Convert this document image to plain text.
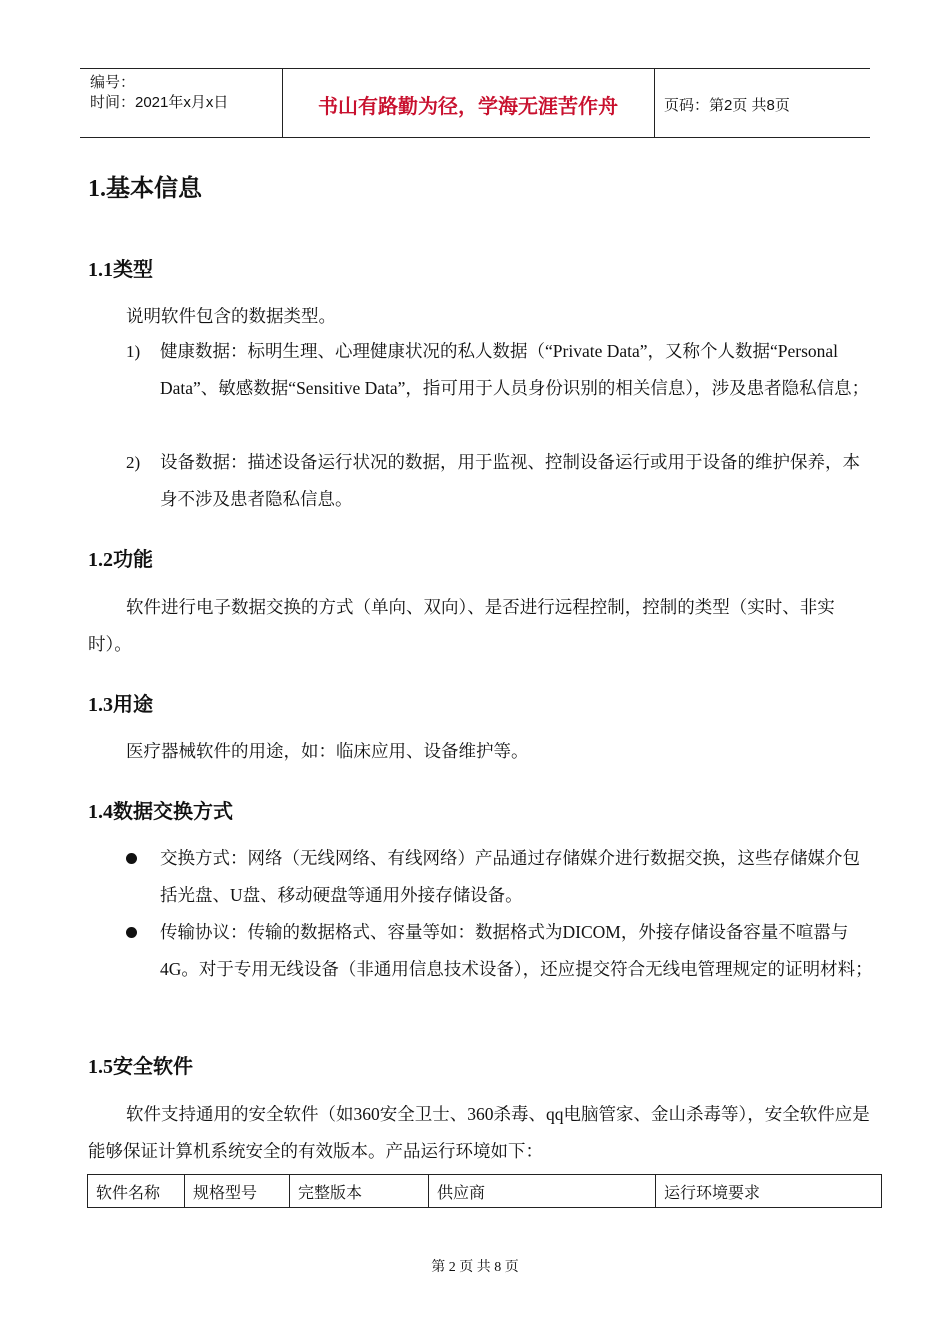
编号：
时间：2021年x月x日	书山有路勤为径，学海无涯苦作舟	页码：第2页 共8页
1.基本信息
1.1类型
说明软件包含的数据类型。
1) 健康数据：标明生理、心理健康状况的私人数据（“Private Data”，又称个人数据“Personal Data”、敏感数据“Sensitive Data”，指可用于人员身份识别的相关信息），涉及患者隐私信息；
2) 设备数据：描述设备运行状况的数据，用于监视、控制设备运行或用于设备的维护保养，本身不涉及患者隐私信息。
1.2功能
软件进行电子数据交换的方式（单向、双向）、是否进行远程控制，控制的类型（实时、非实时）。
1.3用途
医疗器械软件的用途，如：临床应用、设备维护等。
1.4数据交换方式
交换方式：网络（无线网络、有线网络）产品通过存储媒介进行数据交换，这些存储媒介包括光盘、U盘、移动硬盘等通用外接存储设备。
传输协议：传输的数据格式、容量等如：数据格式为DICOM，外接存储设备容量不喧嚣与4G。对于专用无线设备（非通用信息技术设备），还应提交符合无线电管理规定的证明材料；
1.5安全软件
软件支持通用的安全软件（如360安全卫士、360杀毒、qq电脑管家、金山杀毒等），安全软件应是能够保证计算机系统安全的有效版本。产品运行环境如下：
软件名称	规格型号	完整版本	供应商	运行环境要求
第 2 页 共 8 页
